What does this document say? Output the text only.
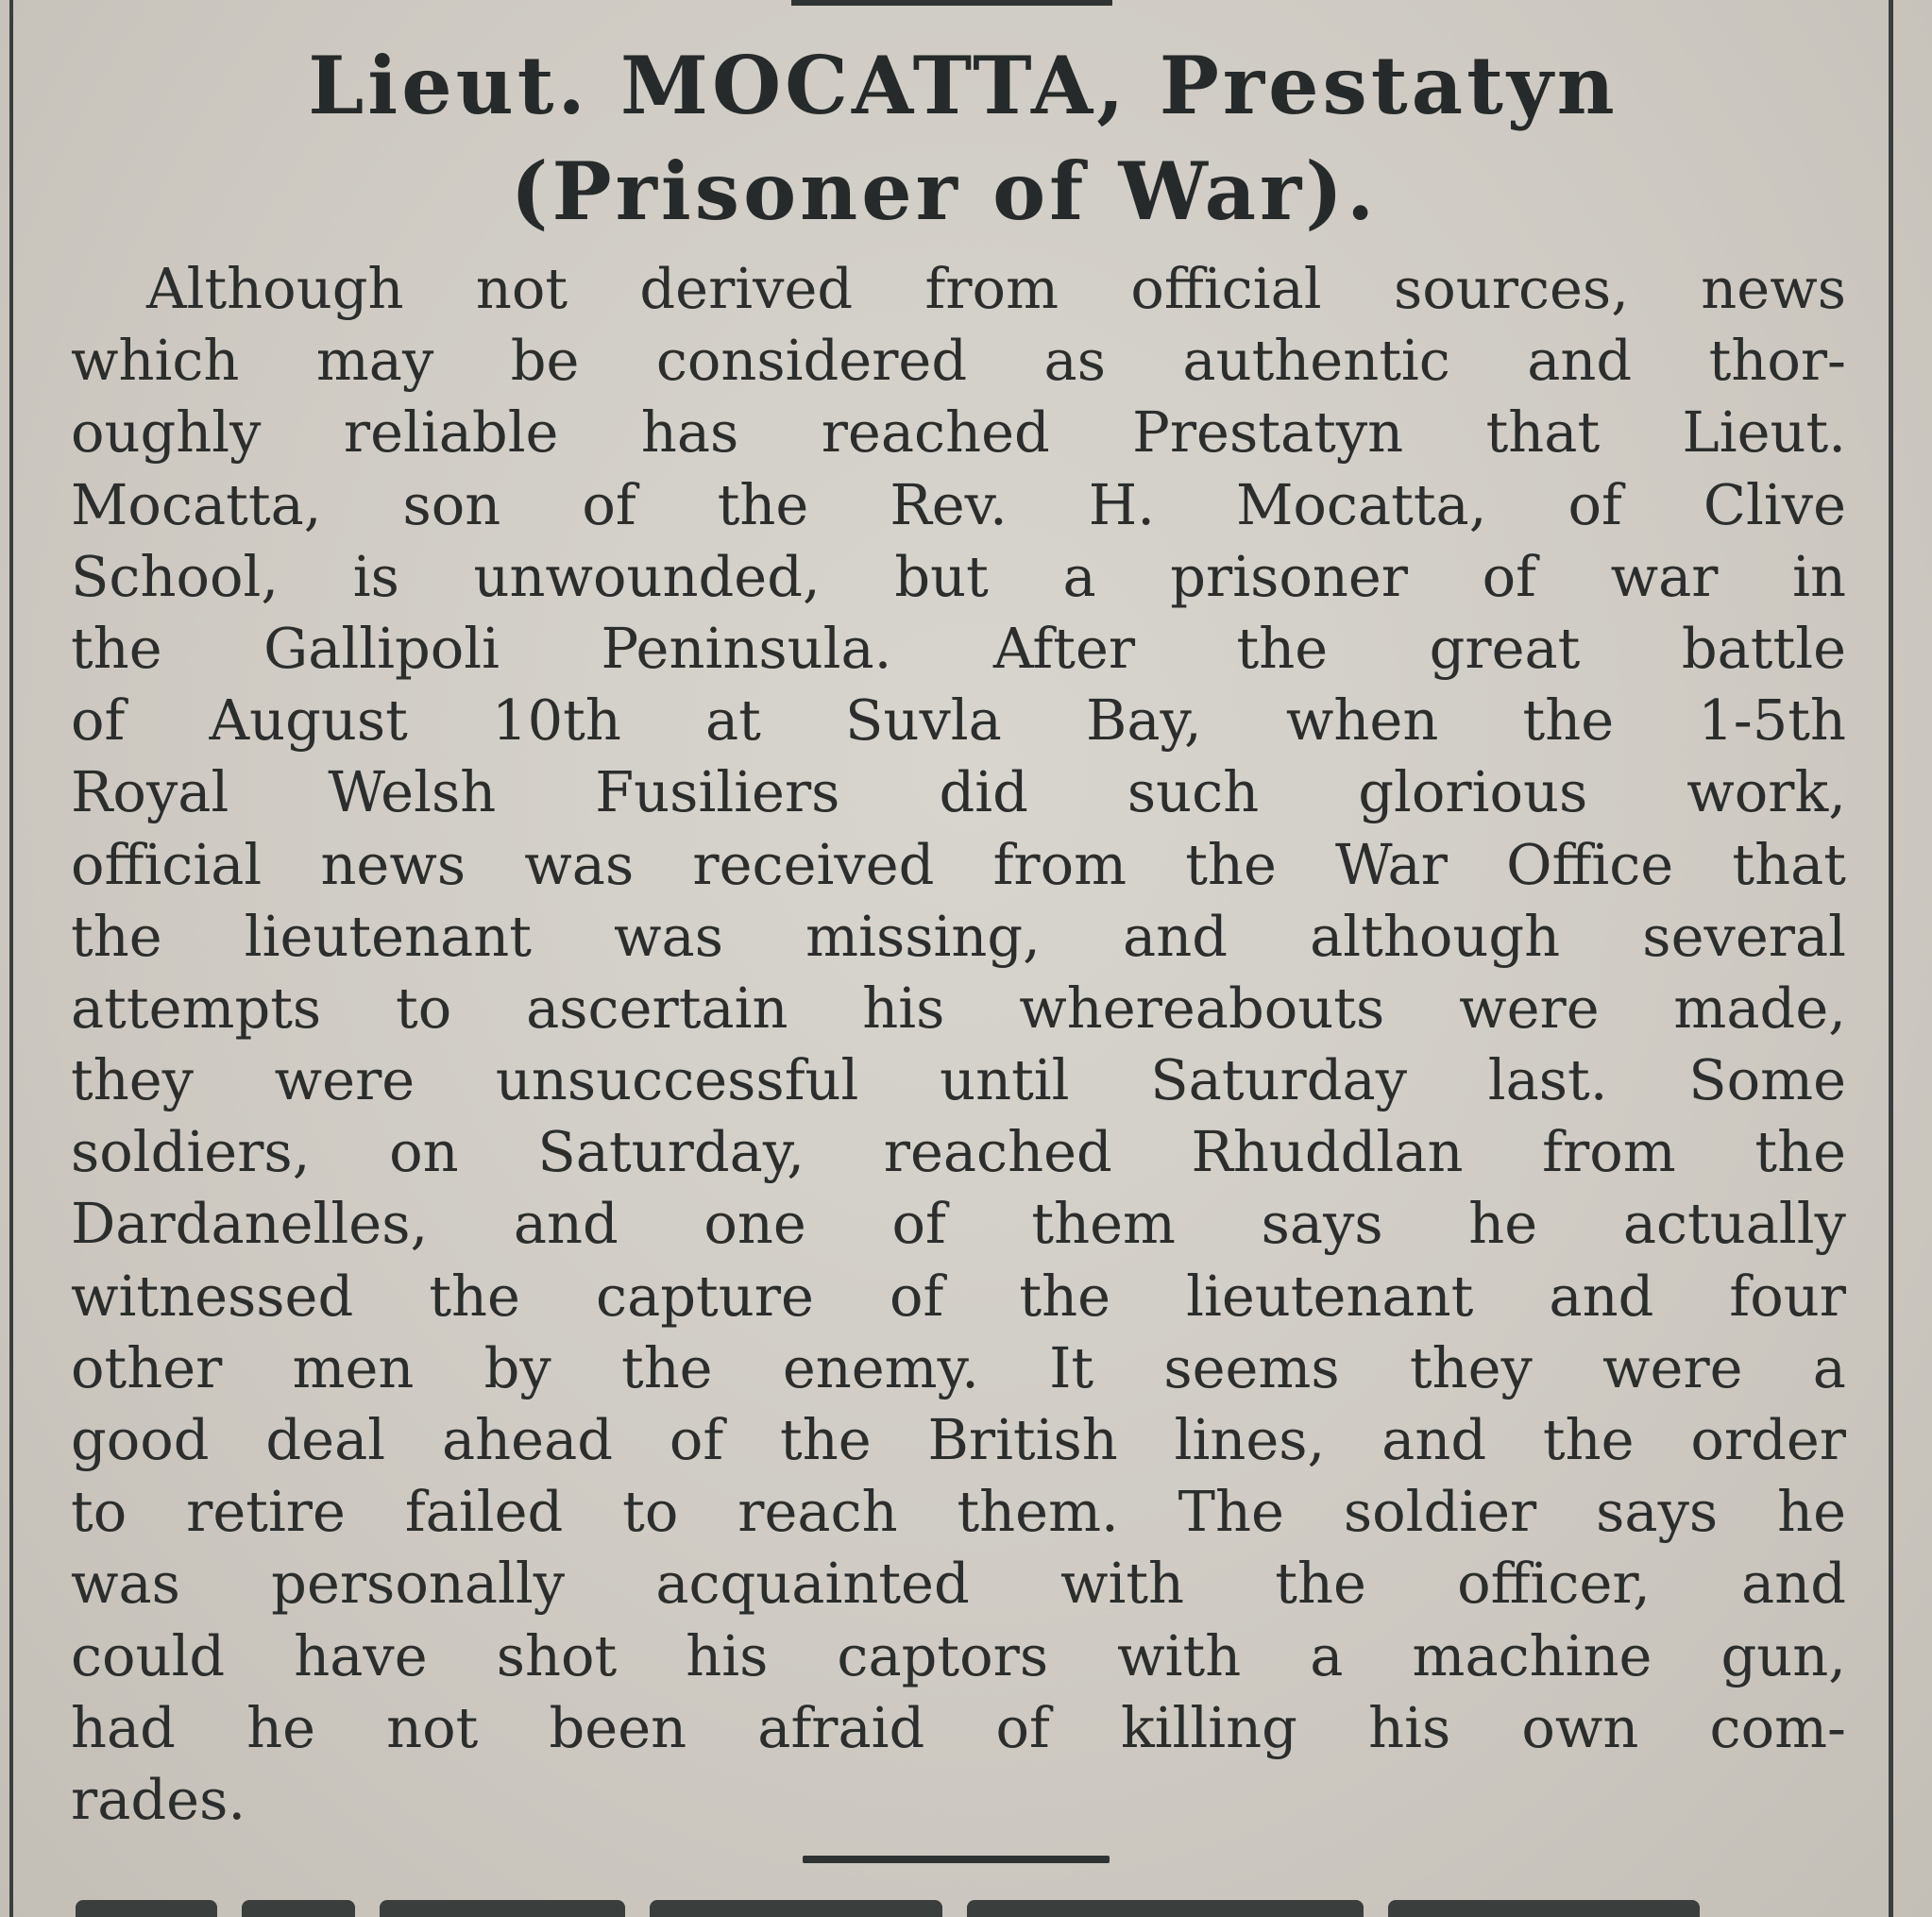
Lieut. MOCATTA, Prestatyn
(Prisoner of War).
Although not derived from official sources, news
which may be considered as authentic and thor-
oughly reliable has reached Prestatyn that Lieut.
Mocatta, son of the Rev. H. Mocatta, of Clive
School, is unwounded, but a prisoner of war in
the Gallipoli Peninsula. After the great battle
of August 10th at Suvla Bay, when the 1-5th
Royal Welsh Fusiliers did such glorious work,
official news was received from the War Office that
the lieutenant was missing, and although several
attempts to ascertain his whereabouts were made,
they were unsuccessful until Saturday last. Some
soldiers, on Saturday, reached Rhuddlan from the
Dardanelles, and one of them says he actually
witnessed the capture of the lieutenant and four
other men by the enemy. It seems they were a
good deal ahead of the British lines, and the order
to retire failed to reach them. The soldier says he
was personally acquainted with the officer, and
could have shot his captors with a machine gun,
had he not been afraid of killing his own com-
rades.
